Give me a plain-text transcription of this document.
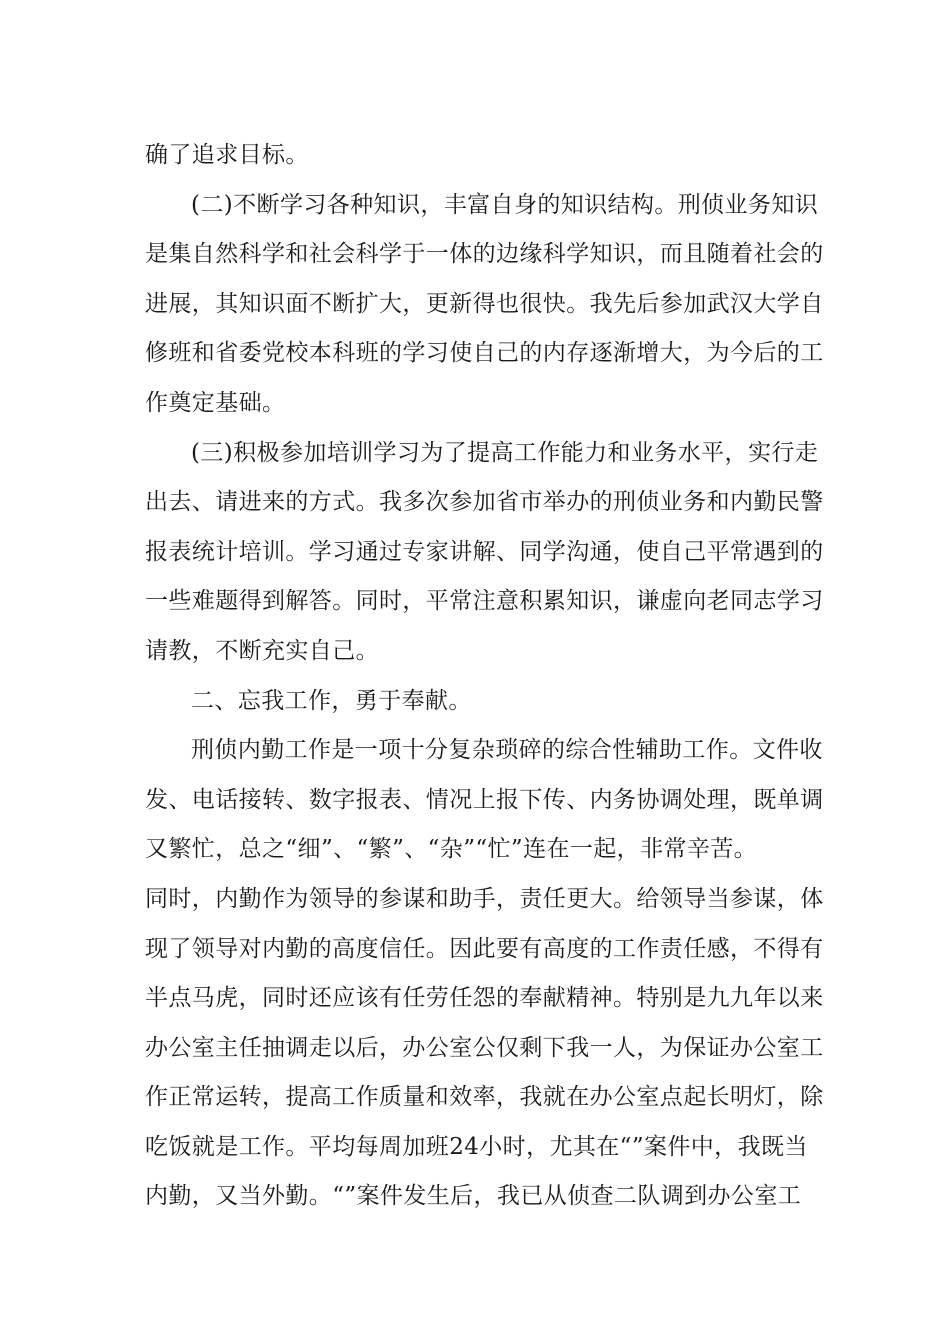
确了追求目标。
(二)不断学习各种知识，丰富自身的知识结构。刑侦业务知识
是集自然科学和社会科学于一体的边缘科学知识，而且随着社会的
进展，其知识面不断扩大，更新得也很快。我先后参加武汉大学自
修班和省委党校本科班的学习使自己的内存逐渐增大，为今后的工
作奠定基础。
(三)积极参加培训学习为了提高工作能力和业务水平，实行走
出去、请进来的方式。我多次参加省市举办的刑侦业务和内勤民警
报表统计培训。学习通过专家讲解、同学沟通，使自己平常遇到的
一些难题得到解答。同时，平常注意积累知识，谦虚向老同志学习
请教，不断充实自己。
二、忘我工作，勇于奉献。
刑侦内勤工作是一项十分复杂琐碎的综合性辅助工作。文件收
发、电话接转、数字报表、情况上报下传、内务协调处理，既单调
又繁忙，总之“细”、“繁”、“杂”“忙”连在一起，非常辛苦。
同时，内勤作为领导的参谋和助手，责任更大。给领导当参谋，体
现了领导对内勤的高度信任。因此要有高度的工作责任感，不得有
半点马虎，同时还应该有任劳任怨的奉献精神。特别是九九年以来
办公室主任抽调走以后，办公室公仅剩下我一人，为保证办公室工
作正常运转，提高工作质量和效率，我就在办公室点起长明灯，除
吃饭就是工作。平均每周加班24小时，尤其在“”案件中，我既当
内勤，又当外勤。“”案件发生后，我已从侦查二队调到办公室工
